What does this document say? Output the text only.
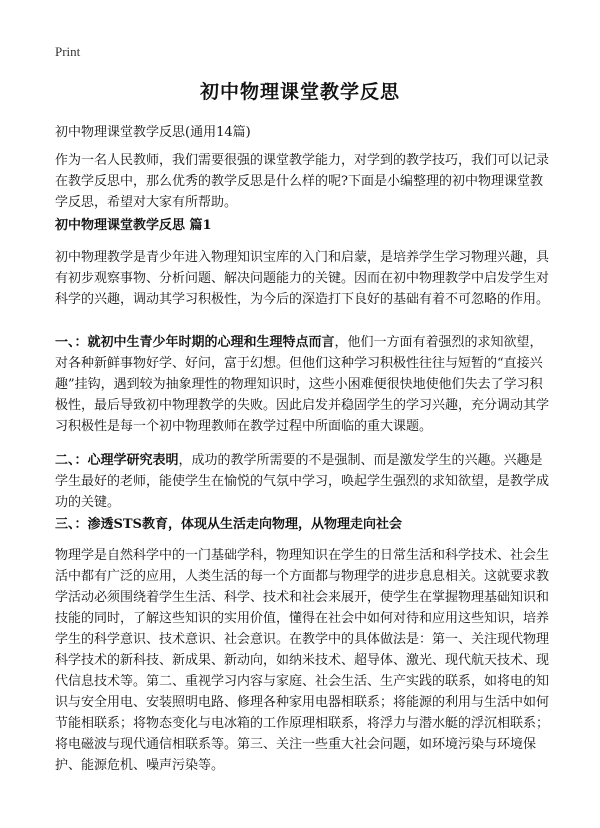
Print
初中物理课堂教学反思
初中物理课堂教学反思(通用14篇)

作为一名人民教师，我们需要很强的课堂教学能力，对学到的教学技巧，我们可以记录在教学反思中，那么优秀的教学反思是什么样的呢?下面是小编整理的初中物理课堂教学反思，希望对大家有所帮助。

初中物理课堂教学反思 篇1

初中物理教学是青少年进入物理知识宝库的入门和启蒙，是培养学生学习物理兴趣，具有初步观察事物、分析问题、解决问题能力的关键。因而在初中物理教学中启发学生对科学的兴趣，调动其学习积极性，为今后的深造打下良好的基础有着不可忽略的作用。

一、：就初中生青少年时期的心理和生理特点而言，他们一方面有着强烈的求知欲望，对各种新鲜事物好学、好问，富于幻想。但他们这种学习积极性往往与短暂的“直接兴趣”挂钩，遇到较为抽象理性的物理知识时，这些小困难便很快地使他们失去了学习积极性，最后导致初中物理教学的失败。因此启发并稳固学生的学习兴趣，充分调动其学习积极性是每一个初中物理教师在教学过程中所面临的重大课题。

二、：心理学研究表明，成功的教学所需要的不是强制、而是激发学生的兴趣。兴趣是学生最好的老师，能使学生在愉悦的气氛中学习，唤起学生强烈的求知欲望，是教学成功的关键。

三、：渗透STS教育，体现从生活走向物理，从物理走向社会

物理学是自然科学中的一门基础学科，物理知识在学生的日常生活和科学技术、社会生活中都有广泛的应用，人类生活的每一个方面都与物理学的进步息息相关。这就要求教学活动必须围绕着学生生活、科学、技术和社会来展开，使学生在掌握物理基础知识和技能的同时，了解这些知识的实用价值，懂得在社会中如何对待和应用这些知识，培养学生的科学意识、技术意识、社会意识。在教学中的具体做法是：第一、关注现代物理科学技术的新科技、新成果、新动向，如纳米技术、超导体、激光、现代航天技术、现代信息技术等。第二、重视学习内容与家庭、社会生活、生产实践的联系，如将电的知识与安全用电、安装照明电路、修理各种家用电器相联系；将能源的利用与生活中如何节能相联系；将物态变化与电冰箱的工作原理相联系，将浮力与潜水艇的浮沉相联系；将电磁波与现代通信相联系等。第三、关注一些重大社会问题，如环境污染与环境保护、能源危机、噪声污染等。
